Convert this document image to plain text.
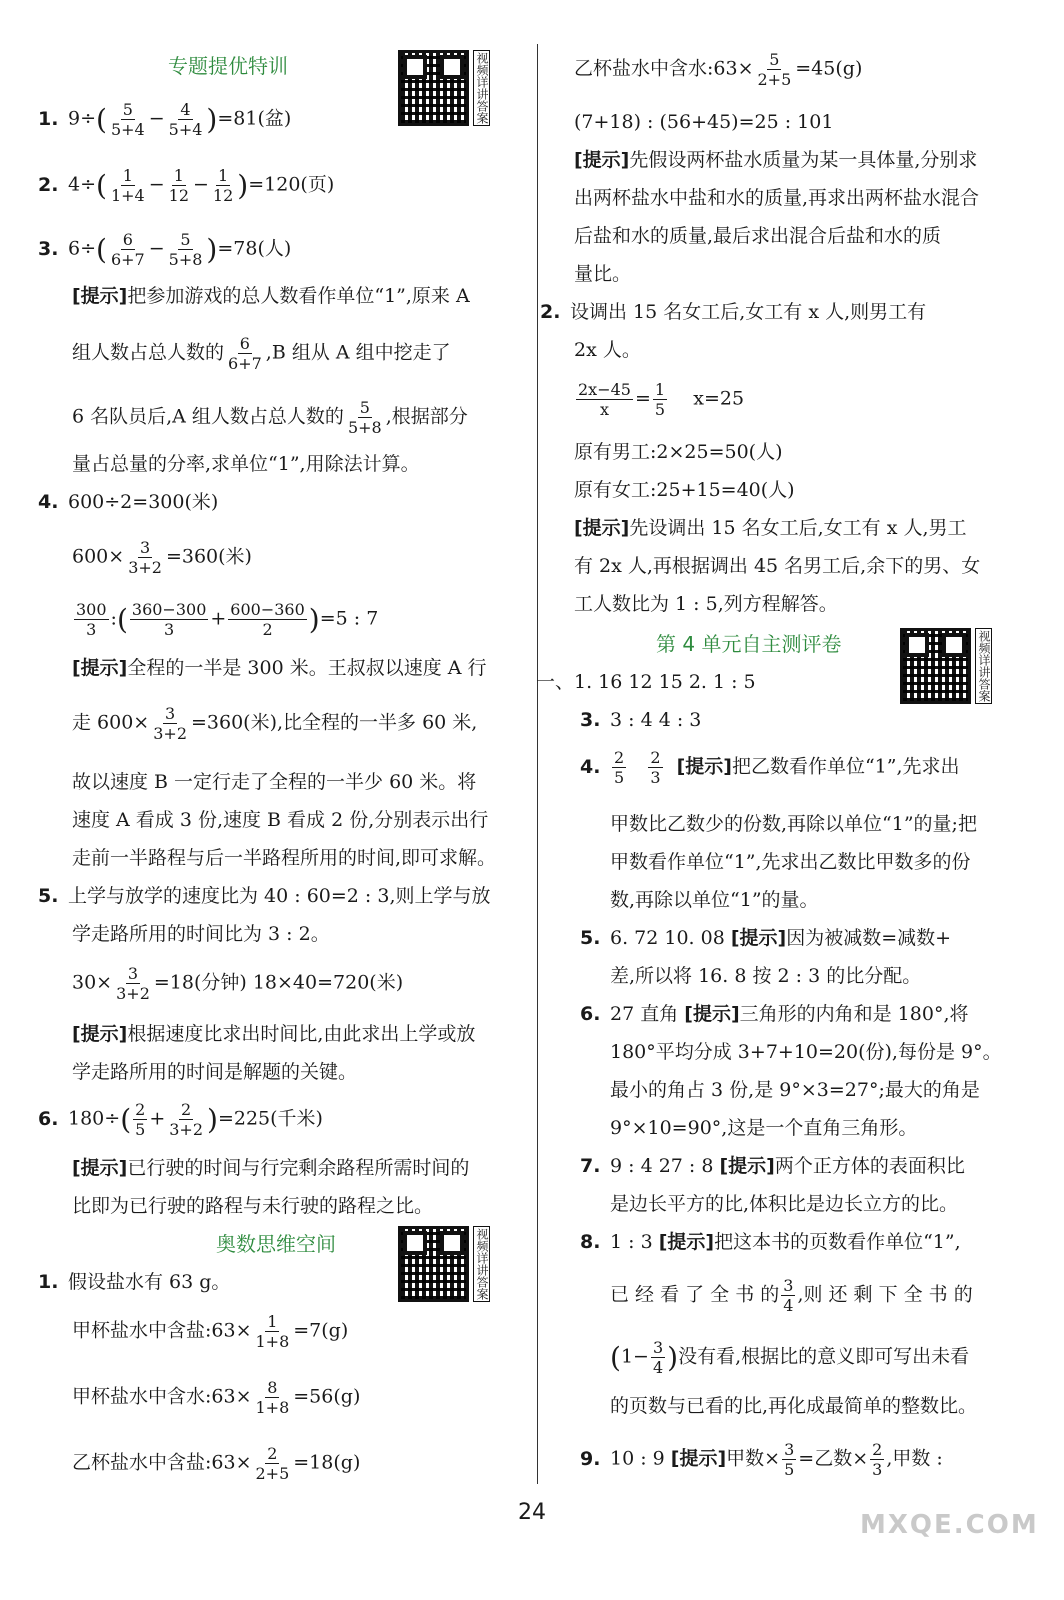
专题提优特训	视频详讲答案
1. $9\div( \frac{5}{5+4} - \frac{4}{5+4} )=81$(盆)
2. $4\div( \frac{1}{1+4} - \frac{1}{12} - \frac{1}{12} )=120$(页)
3. $6\div( \frac{6}{6+7} - \frac{5}{5+8} )=78$(人)
[提示]把参加游戏的总人数看作单位“1”,原来 A
组人数占总人数的 $\frac{6}{6+7} ,B$ 组从 A 组中挖走了
6 名队员后,A 组人数占总人数的 $\frac{5}{5+8}$ ,根据部分
量占总量的分率,求单位“1”,用除法计算。
4. 600÷2=300(米)
$600\times \frac{3}{3+2} =360$(米)
$\frac{300}{3}$ :( $\frac{360-300}{3} + \frac{600-360}{2} )=5$ : 7
[提示]全程的一半是 300 米。王叔叔以速度 A 行
走 $600\times \frac{3}{3+2} =360$(米),比全程的一半多 60 米,
故以速度 B 一定行走了全程的一半少 60 米。将
速度 A 看成 3 份,速度 B 看成 2 份,分别表示出行
走前一半路程与后一半路程所用的时间,即可求解。
5. 上学与放学的速度比为 40 : 60=2 : 3,则上学与放
学走路所用的时间比为 3 : 2。
$30\times \frac{3}{3+2} =18$(分钟) 18×40=720(米)
[提示]根据速度比求出时间比,由此求出上学或放
学走路所用的时间是解题的关键。
6. $180\div( \frac{2}{5} + \frac{2}{3+2} )=225$(千米)
[提示]已行驶的时间与行完剩余路程所需时间的
比即为已行驶的路程与未行驶的路程之比。
奥数思维空间	视频详讲答案
1. 假设盐水有 63 g。
甲杯盐水中含盐:63× $\frac{1}{1+8} =7(g)$
甲杯盐水中含水:63× $\frac{8}{1+8} =56(g)$
乙杯盐水中含盐:63× $\frac{2}{2+5} =18(g)$
乙杯盐水中含水:63× $\frac{5}{2+5} =45(g)$
(7+18) : (56+45)=25 : 101
[提示]先假设两杯盐水质量为某一具体量,分别求
出两杯盐水中盐和水的质量,再求出两杯盐水混合
后盐和水的质量,最后求出混合后盐和水的质
量比。
2. 设调出 15 名女工后,女工有 x 人,则男工有
2x 人。
$\frac{2x-45}{x} = \frac{1}{5} x=25$
原有男工:2×25=50(人)
原有女工:25+15=40(人)
[提示]先设调出 15 名女工后,女工有 x 人,男工
有 2x 人,再根据调出 45 名男工后,余下的男、女
工人数比为 1 : 5,列方程解答。
第 4 单元自主测评卷	视频详讲答案
一、1. 16 12 15 2. 1 : 5
3. 3 : 4 4 : 3
4. $\frac{2}{5}$
$\frac{2}{3}$ [提示]把乙数看作单位“1”,先求出
甲数比乙数少的份数,再除以单位“1”的量;把
甲数看作单位“1”,先求出乙数比甲数多的份
数,再除以单位“1”的量。
5. 6. 72 10. 08 [提示]因为被减数=减数+
差,所以将 16. 8 按 2 : 3 的比分配。
6. 27 直角 [提示]三角形的内角和是 180°,将
180°平均分成 3+7+10=20(份),每份是 9°。
最小的角占 3 份,是 9°×3=27°;最大的角是
9°×10=90°,这是一个直角三角形。
7. 9 : 4 27 : 8 [提示]两个正方体的表面积比
是边长平方的比,体积比是边长立方的比。
8. 1 : 3 [提示]把这本书的页数看作单位“1”,
已 经 看 了 全 书 的 $\frac{3}{4}$ ,则 还 剩 下 全 书 的
($1- \frac{3}{4}$ )没有看,根据比的意义即可写出未看
的页数与已看的比,再化成最简单的整数比。
9. 10 : 9 [提示]甲数× $\frac{3}{5}$ =乙数× $\frac{2}{3}$ ,甲数 :
24	MXQE.COM
